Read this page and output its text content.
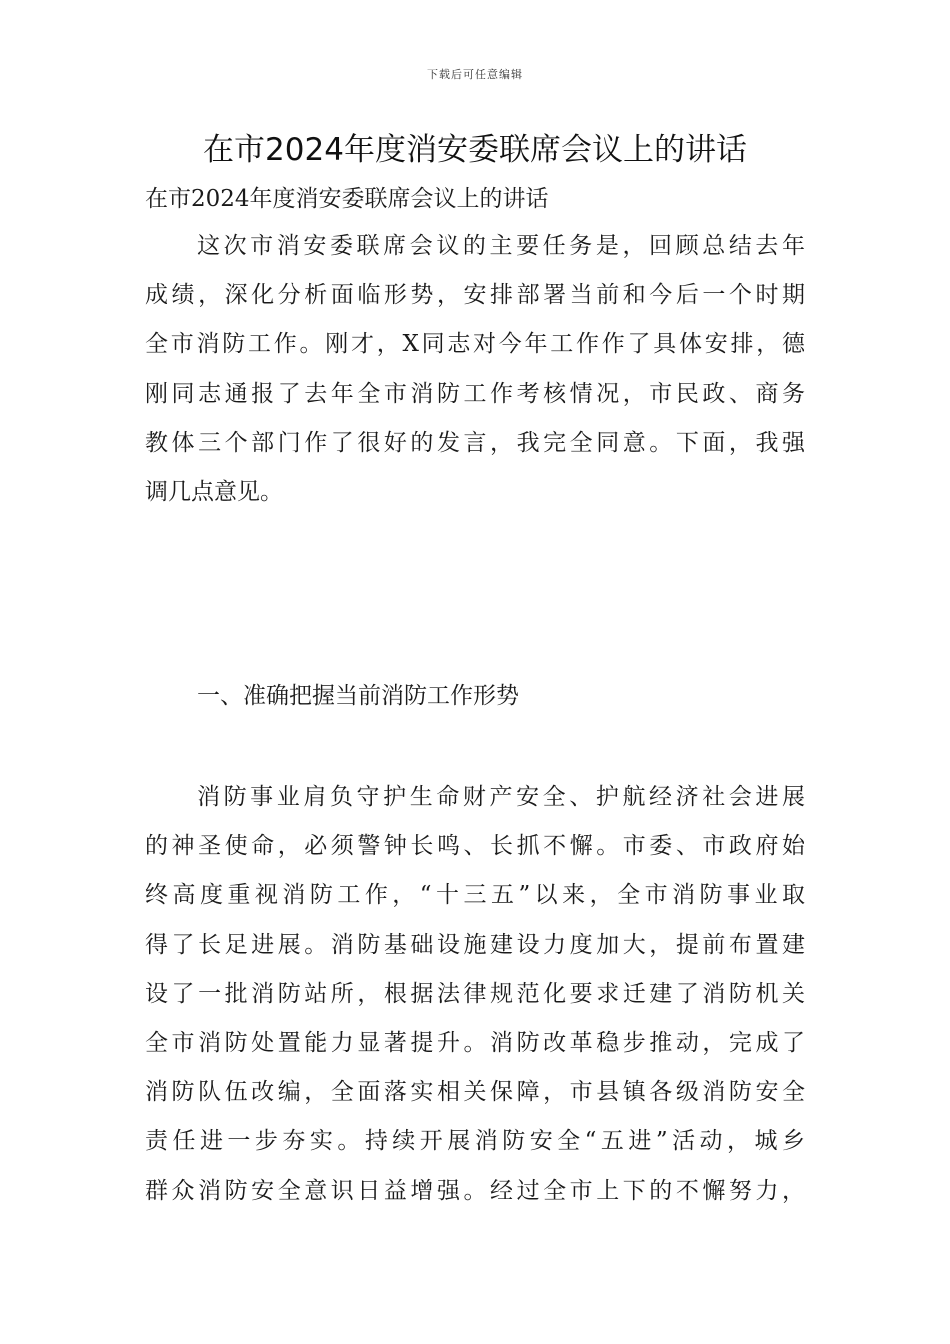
下载后可任意编辑
在市2024年度消安委联席会议上的讲话
在市2024年度消安委联席会议上的讲话
这次市消安委联席会议的主要任务是，回顾总结去年
成绩，深化分析面临形势，安排部署当前和今后一个时期
全市消防工作。刚才，X同志对今年工作作了具体安排，德
刚同志通报了去年全市消防工作考核情况，市民政、商务
教体三个部门作了很好的发言，我完全同意。下面，我强
调几点意见。
一、准确把握当前消防工作形势
消防事业肩负守护生命财产安全、护航经济社会进展
的神圣使命，必须警钟长鸣、长抓不懈。市委、市政府始
终高度重视消防工作，“十三五”以来，全市消防事业取
得了长足进展。消防基础设施建设力度加大，提前布置建
设了一批消防站所，根据法律规范化要求迁建了消防机关
全市消防处置能力显著提升。消防改革稳步推动，完成了
消防队伍改编，全面落实相关保障，市县镇各级消防安全
责任进一步夯实。持续开展消防安全“五进”活动，城乡
群众消防安全意识日益增强。经过全市上下的不懈努力，
